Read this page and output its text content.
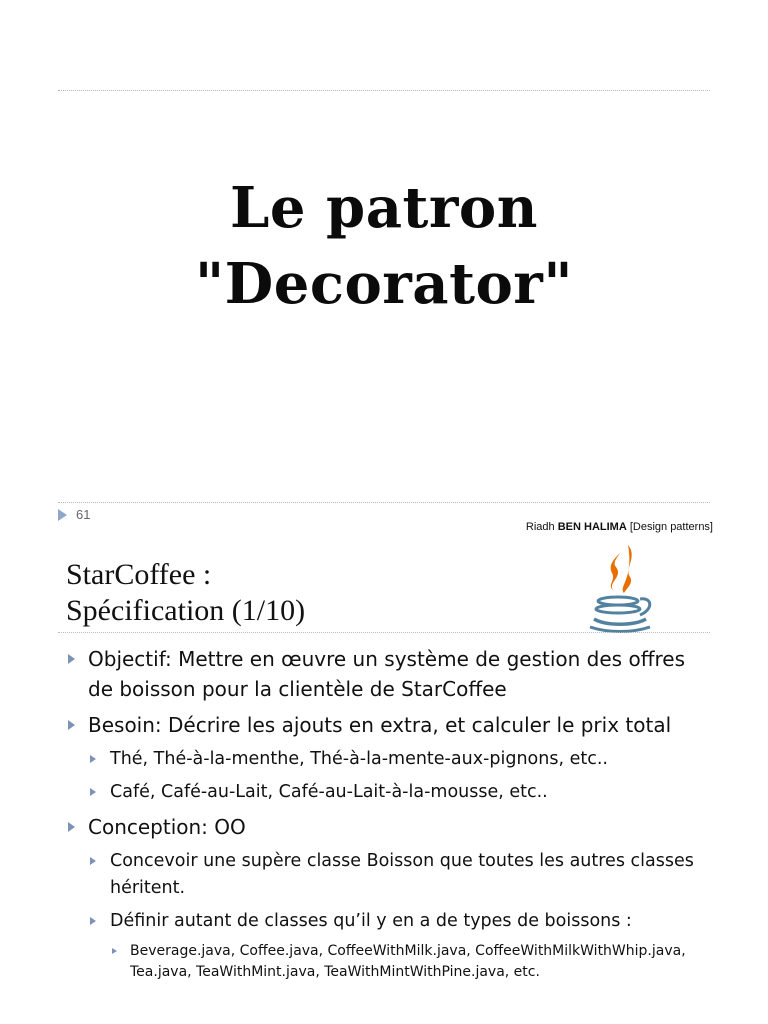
Le patron
"Decorator"
61
Riadh BEN HALIMA [Design patterns]
StarCoffee :
Spécification (1/10)
Objectif: Mettre en œuvre un système de gestion des offres de boisson pour la clientèle de StarCoffee
Besoin: Décrire les ajouts en extra, et calculer le prix total
Thé, Thé-à-la-menthe, Thé-à-la-mente-aux-pignons, etc..
Café, Café-au-Lait, Café-au-Lait-à-la-mousse, etc..
Conception: OO
Concevoir une supère classe Boisson que toutes les autres classes héritent.
Définir autant de classes qu’il y en a de types de boissons :
Beverage.java, Coffee.java, CoffeeWithMilk.java, CoffeeWithMilkWithWhip.java, Tea.java, TeaWithMint.java, TeaWithMintWithPine.java, etc.
